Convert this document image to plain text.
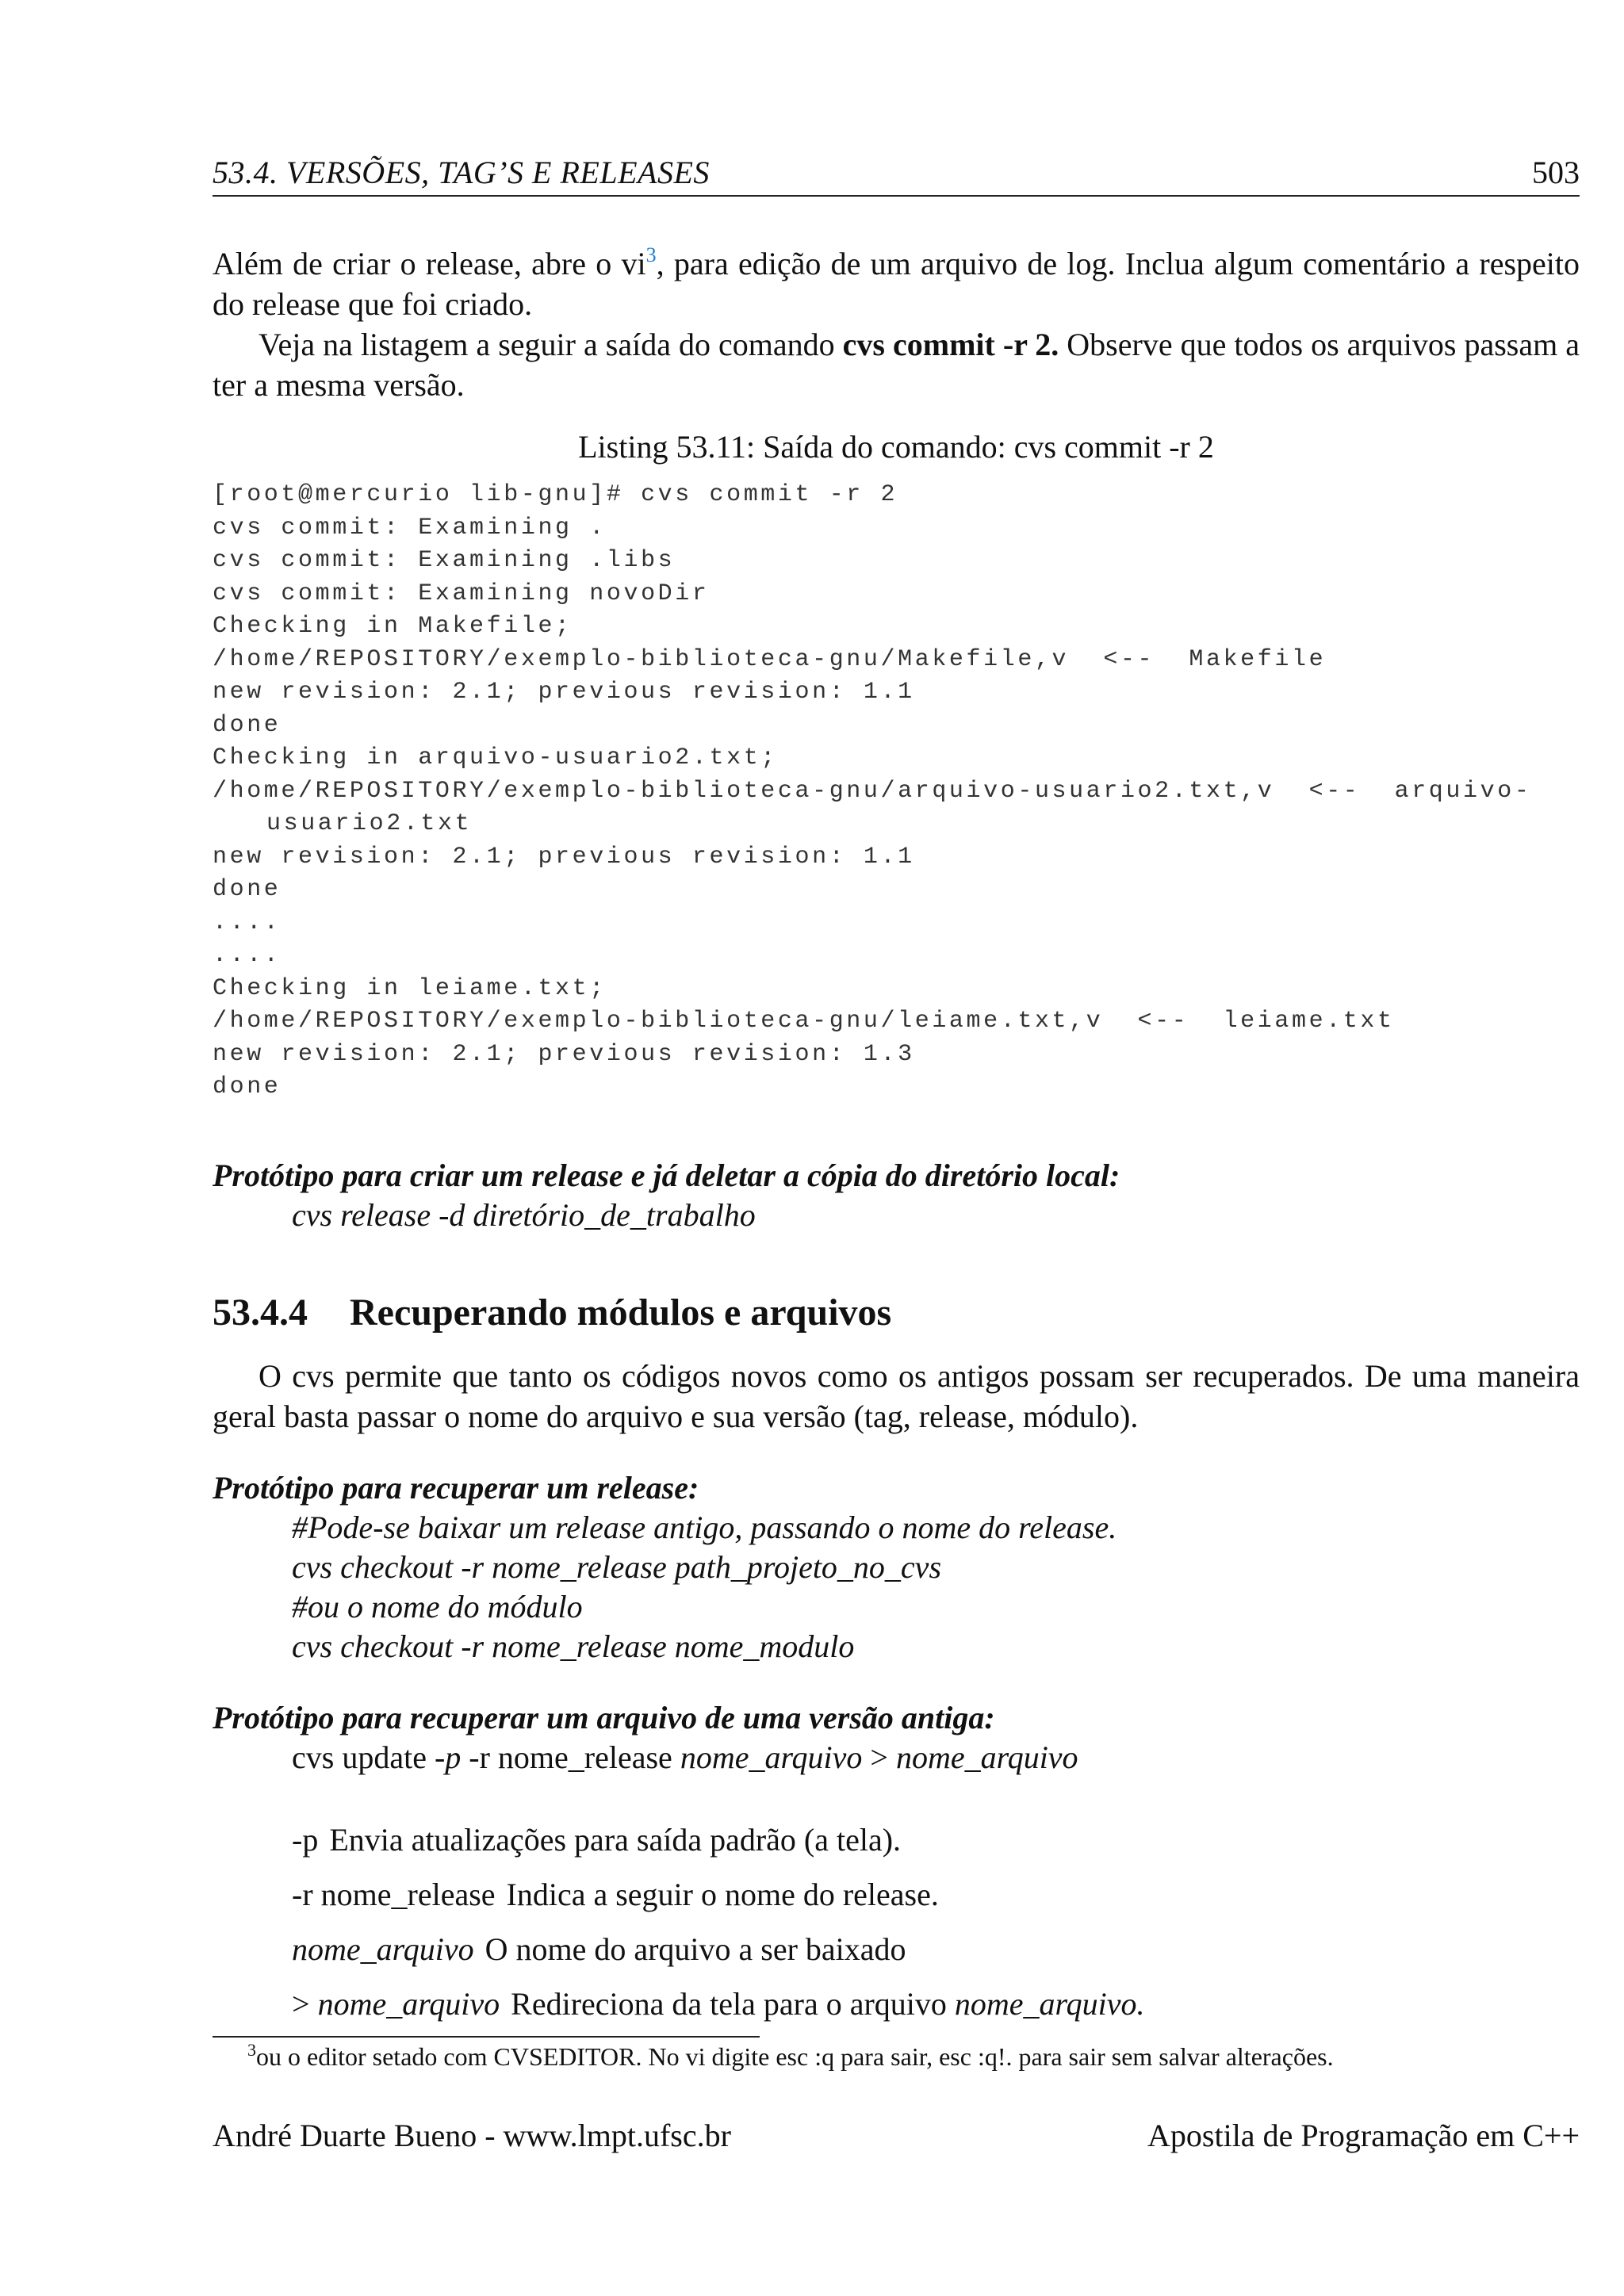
53.4. VERSÕES, TAG’S E RELEASES	503

Além de criar o release, abre o vi$^3$, para edição de um arquivo de log. Inclua algum comentário a respeito do release que foi criado.

Veja na listagem a seguir a saída do comando cvs commit -r 2. Observe que todos os arquivos passam a ter a mesma versão.

Listing 53.11: Saída do comando: cvs commit -r 2
[root@mercurio lib-gnu]# cvs commit -r 2
cvs commit: Examining .
cvs commit: Examining .libs
cvs commit: Examining novoDir
Checking in Makefile;
/home/REPOSITORY/exemplo-biblioteca-gnu/Makefile,v  <--  Makefile
new revision: 2.1; previous revision: 1.1
done
Checking in arquivo-usuario2.txt;
/home/REPOSITORY/exemplo-biblioteca-gnu/arquivo-usuario2.txt,v  <--  arquivo-
usuario2.txt
new revision: 2.1; previous revision: 1.1
done
....
....
Checking in leiame.txt;
/home/REPOSITORY/exemplo-biblioteca-gnu/leiame.txt,v  <--  leiame.txt
new revision: 2.1; previous revision: 1.3
done
Protótipo para criar um release e já deletar a cópia do diretório local:
cvs release -d diretório_de_trabalho
53.4.4 Recuperando módulos e arquivos

O cvs permite que tanto os códigos novos como os antigos possam ser recuperados. De uma maneira geral basta passar o nome do arquivo e sua versão (tag, release, módulo).

Protótipo para recuperar um release:
#Pode-se baixar um release antigo, passando o nome do release.
cvs checkout -r nome_release path_projeto_no_cvs
#ou o nome do módulo
cvs checkout -r nome_release nome_modulo
Protótipo para recuperar um arquivo de uma versão antiga:
cvs update -p -r nome_release nome_arquivo > nome_arquivo
-p Envia atualizações para saída padrão (a tela).
-r nome_release Indica a seguir o nome do release.
nome_arquivo O nome do arquivo a ser baixado
> nome_arquivo Redireciona da tela para o arquivo nome_arquivo.
$^3$ou o editor setado com CVSEDITOR. No vi digite esc :q para sair, esc :q!. para sair sem salvar alterações.
André Duarte Bueno - www.lmpt.ufsc.br	Apostila de Programação em C++
